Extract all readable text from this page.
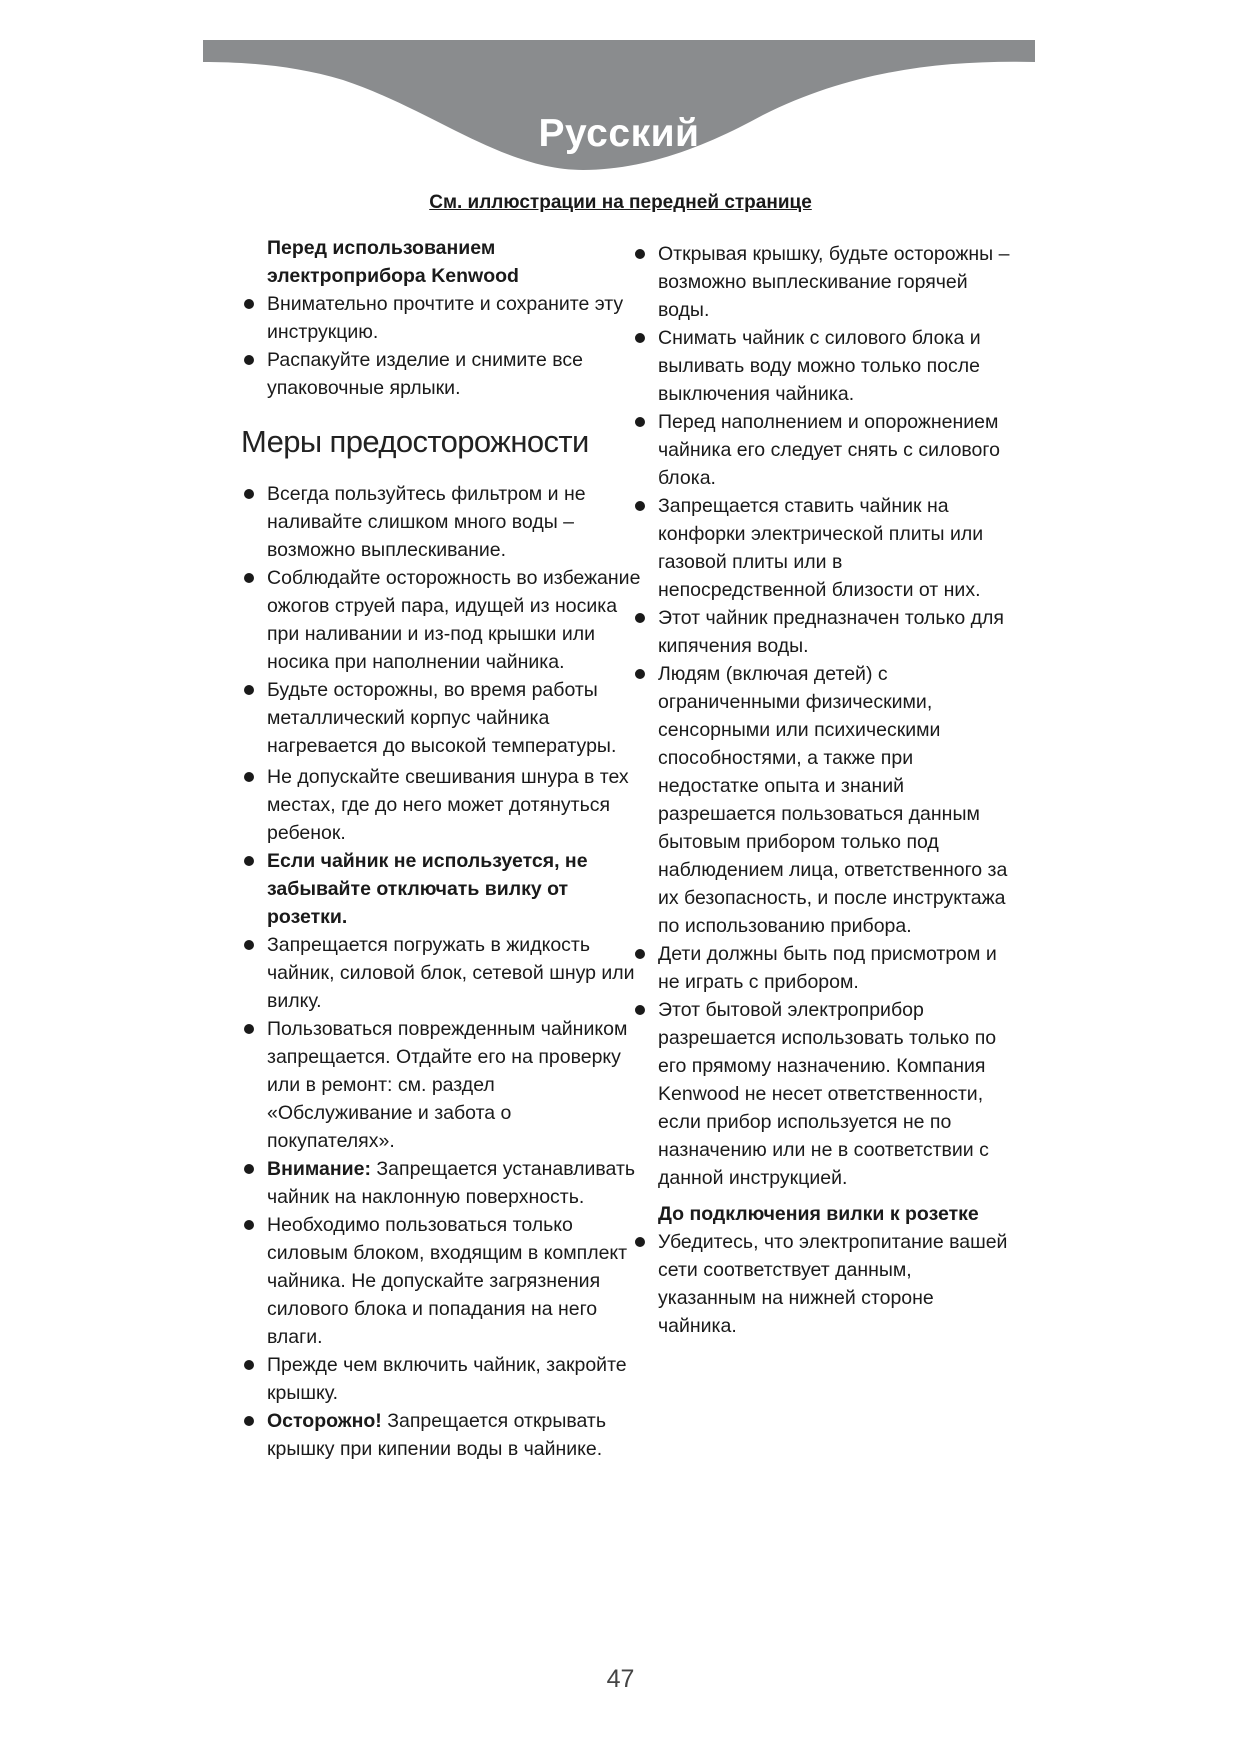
Русский
См. иллюстрации на передней странице
Перед использованием
электроприбора Kenwood
Внимательно прочтите и сохраните эту инструкцию.
Распакуйте изделие и снимите все упаковочные ярлыки.
Меры предосторожности
Всегда пользуйтесь фильтром и не наливайте слишком много воды – возможно выплескивание.
Соблюдайте осторожность во избежание ожогов струей пара, идущей из носика при наливании и из-под крышки или носика при наполнении чайника.
Будьте осторожны, во время работы металлический корпус чайника нагревается до высокой температуры.
Не допускайте свешивания шнура в тех местах, где до него может дотянуться ребенок.
Если чайник не используется, не забывайте отключать вилку от розетки.
Запрещается погружать в жидкость чайник, силовой блок, сетевой шнур или вилку.
Пользоваться поврежденным чайником запрещается. Отдайте его на проверку или в ремонт: см. раздел «Обслуживание и забота о покупателях».
Внимание: Запрещается устанавливать чайник на наклонную поверхность.
Необходимо пользоваться только силовым блоком, входящим в комплект чайника. Не допускайте загрязнения силового блока и попадания на него влаги.
Прежде чем включить чайник, закройте крышку.
Осторожно! Запрещается открывать крышку при кипении воды в чайнике.
Открывая крышку, будьте осторожны – возможно выплескивание горячей воды.
Снимать чайник с силового блока и выливать воду можно только после выключения чайника.
Перед наполнением и опорожнением чайника его следует снять с силового блока.
Запрещается ставить чайник на конфорки электрической плиты или газовой плиты или в непосредственной близости от них.
Этот чайник предназначен только для кипячения воды.
Людям (включая детей) с ограниченными физическими, сенсорными или психическими способностями, а также при недостатке опыта и знаний разрешается пользоваться данным бытовым прибором только под наблюдением лица, ответственного за их безопасность, и после инструктажа по использованию прибора.
Дети должны быть под присмотром и не играть с прибором.
Этот бытовой электроприбор разрешается использовать только по его прямому назначению. Компания Kenwood не несет ответственности, если прибор используется не по назначению или не в соответствии с данной инструкцией.
До подключения вилки к розетке
Убедитесь, что электропитание вашей сети соответствует данным, указанным на нижней стороне чайника.
47
